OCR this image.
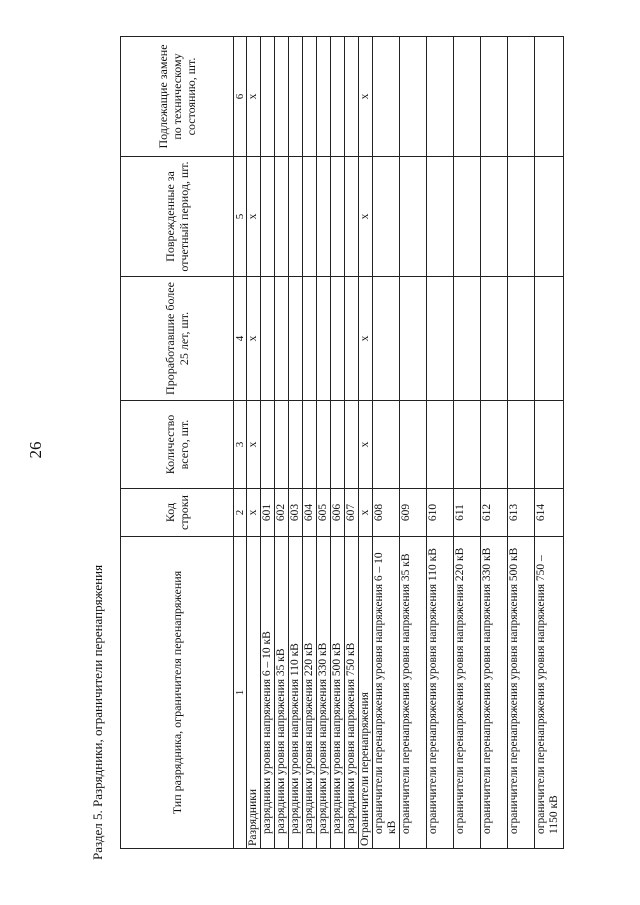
26
Раздел 5. Разрядники, ограничители перенапряжения	Тип разрядника, ограничителя перенапряжения	Код строки	Количество всего, шт.	Проработавшие более 25 лет, шт.	Поврежденные за отчетный период, шт.	Подлежащие замене по техническому состоянию, шт.
1	2	3	4	5	6
Разрядники	x	x	x	x	x
разрядники уровня напряжения 6 – 10 кВ	601				
разрядники уровня напряжения 35 кВ	602				
разрядники уровня напряжения 110 кВ	603				
разрядники уровня напряжения 220 кВ	604				
разрядники уровня напряжения 330 кВ	605				
разрядники уровня напряжения 500 кВ	606				
разрядники уровня напряжения 750 кВ	607				
Ограничители перенапряжения	x	x	x	x	x
ограничители перенапряжения уровня напряжения 6 – 10 кВ	608				
ограничители перенапряжения уровня напряжения 35 кВ	609				
ограничители перенапряжения уровня напряжения 110 кВ	610				
ограничители перенапряжения уровня напряжения 220 кВ	611				
ограничители перенапряжения уровня напряжения 330 кВ	612				
ограничители перенапряжения уровня напряжения 500 кВ	613				
ограничители перенапряжения уровня напряжения 750 – 1150 кВ	614				
